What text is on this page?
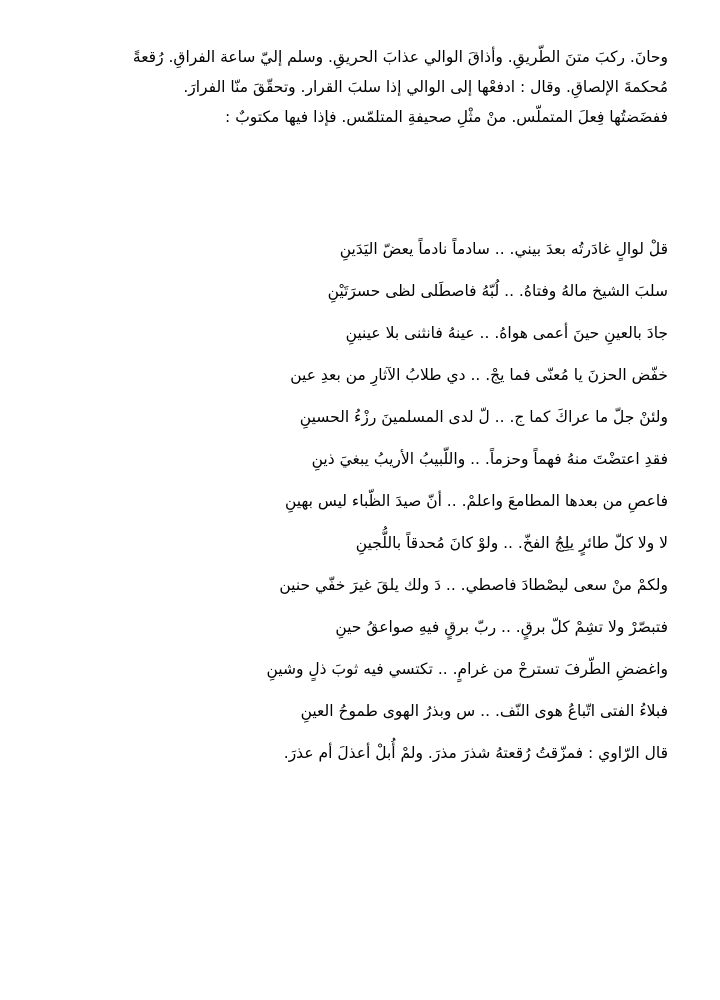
وحانَ. ركبَ متنَ الطّريقِ. وأذاقَ الوالي عذابَ الحريقِ. وسلم إليّ ساعة الفراقِ. رُقعةً
مُحكمةَ الإلصاقِ. وقال : ادفعْها إلى الوالي إذا سلبَ القرار. وتحقّقَ منّا الفرارَ.
ففضَضتُها فِعلَ المتملّس. منْ مثْلِ صحيفةِ المتلمّس. فإذا فيها مكتوبٌ :
قلْ لوالٍ غادَرتُه بعدَ بيني. .. سادماً نادماً يعضّ اليَدَينِ
سلبَ الشيخ مالهُ وفتاهُ. .. لُبّهُ فاصطَلى لظى حسرَتَيْنِ
جادَ بالعينِ حينَ أعمى هواهُ. .. عينهُ فانثنى بلا عينينِ
خفّض الحزنَ يا مُعنّى فما يجْ. .. دي طلابُ الآثارِ من بعدِ عين
ولئنْ جلّ ما عراكَ كما ج. .. لّ لدى المسلمينَ رزْءُ الحسينِ
فقدِ اعتضْتَ منهُ فهماً وحزماً. .. واللّبيبُ الأريبُ يبغيَ ذينِ
فاعصِ من بعدها المطامعَ واعلمْ. .. أنّ صيدَ الظّباء ليس بهينِ
لا ولا كلّ طائرٍ يلِجُ الفخّ. .. ولوْ كانَ مُحدقاً باللُّجينِ
ولكمْ منْ سعى ليصْطادَ فاصطي. .. دَ ولك يلقَ غيرَ خفّي حنين
فتبصّرْ ولا تشِمْ كلّ برقٍ. .. ربّ برقٍ فيهِ صواعقُ حينِ
واغضضِ الطّرفَ تسترحْ من غرامٍ. .. تكتسي فيه ثوبَ ذلٍ وشينِ
فبلاءُ الفتى اتّباعُ هوى النّف. .. س وبذرُ الهوى طموحُ العينِ
قال الرّاوي : فمزّقتُ رُقعتهُ شذرَ مذرَ. ولمْ أُبلْ أعذلَ أم عذرَ.
